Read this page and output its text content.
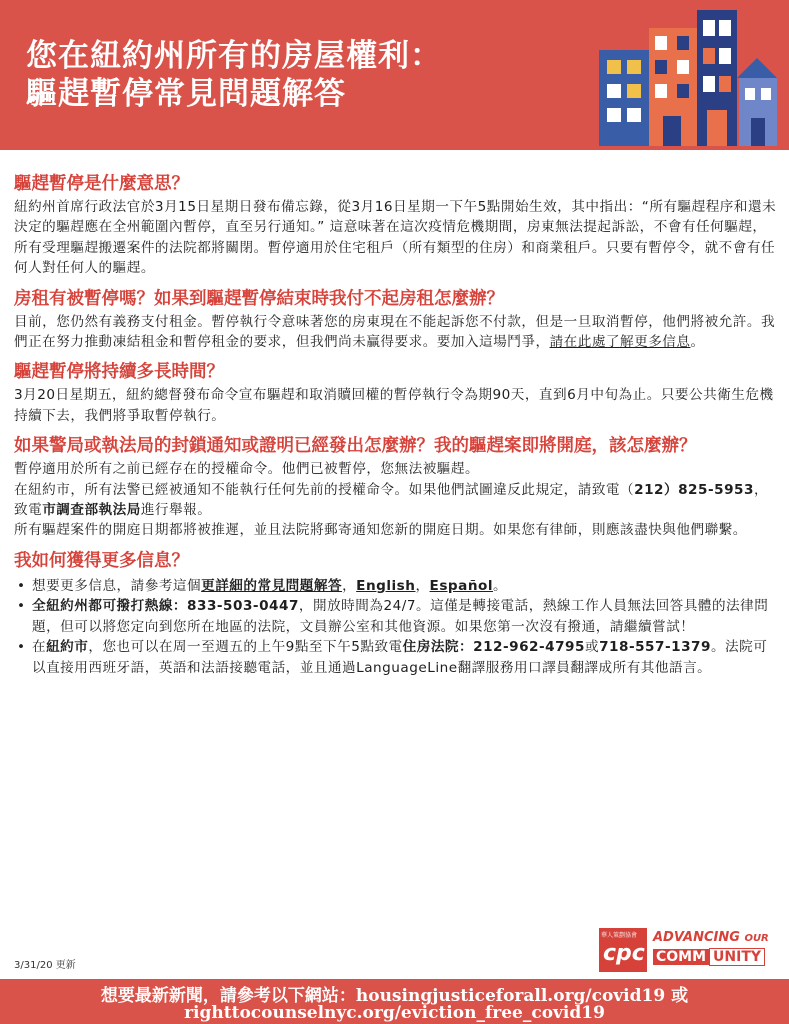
您在紐約州所有的房屋權利：
驅趕暫停常見問題解答
驅趕暫停是什麼意思？

紐約州首席行政法官於3月15日星期日發布備忘錄，從3月16日星期一下午5點開始生效，其中指出：“所有驅趕程序和還未決定的驅趕應在全州範圍內暫停，直至另行通知。” 這意味著在這次疫情危機期間，房東無法提起訴訟，不會有任何驅趕，所有受理驅趕搬遷案件的法院都將關閉。暫停適用於住宅租戶（所有類型的住房）和商業租戶。只要有暫停令，就不會有任何人對任何人的驅趕。

房租有被暫停嗎？如果到驅趕暫停結束時我付不起房租怎麼辦？

目前，您仍然有義務支付租金。暫停執行令意味著您的房東現在不能起訴您不付款，但是一旦取消暫停，他們將被允許。我們正在努力推動凍結租金和暫停租金的要求，但我們尚未贏得要求。要加入這場鬥爭，請在此處了解更多信息。

驅趕暫停將持續多長時間？

3月20日星期五，紐約總督發布命令宣布驅趕和取消贖回權的暫停執行令為期90天，直到6月中旬為止。只要公共衛生危機持續下去，我們將爭取暫停執行。

如果警局或執法局的封鎖通知或證明已經發出怎麼辦？我的驅趕案即將開庭，該怎麼辦？

暫停適用於所有之前已經存在的授權命令。他們已被暫停，您無法被驅趕。

在紐約市，所有法警已經被通知不能執行任何先前的授權命令。如果他們試圖違反此規定，請致電（212）825-5953，致電市調查部執法局進行舉報。

所有驅趕案件的開庭日期都將被推遲，並且法院將郵寄通知您新的開庭日期。如果您有律師，則應該盡快與他們聯繫。

我如何獲得更多信息？
• 想要更多信息，請參考這個更詳細的常見問題解答，English，Español。
• 全紐約州都可撥打熱線：833-503-0447，開放時間為24/7。這僅是轉接電話，熱線工作人員無法回答具體的法律問題，但可以將您定向到您所在地區的法院，文員辦公室和其他資源。如果您第一次沒有撥通，請繼續嘗試！
• 在紐約市，您也可以在周一至週五的上午9點至下午5點致電住房法院：212-962-4795或718-557-1379。法院可以直接用西班牙語，英語和法語接聽電話，並且通過LanguageLine翻譯服務用口譯員翻譯成所有其他語言。
3/31/20 更新
華人策劃協會
cpc
ADVANCING OUR
COMM UNITY
想要最新新聞，請參考以下網站：housingjusticeforall.org/covid19 或
righttocounselnyc.org/eviction_free_covid19
